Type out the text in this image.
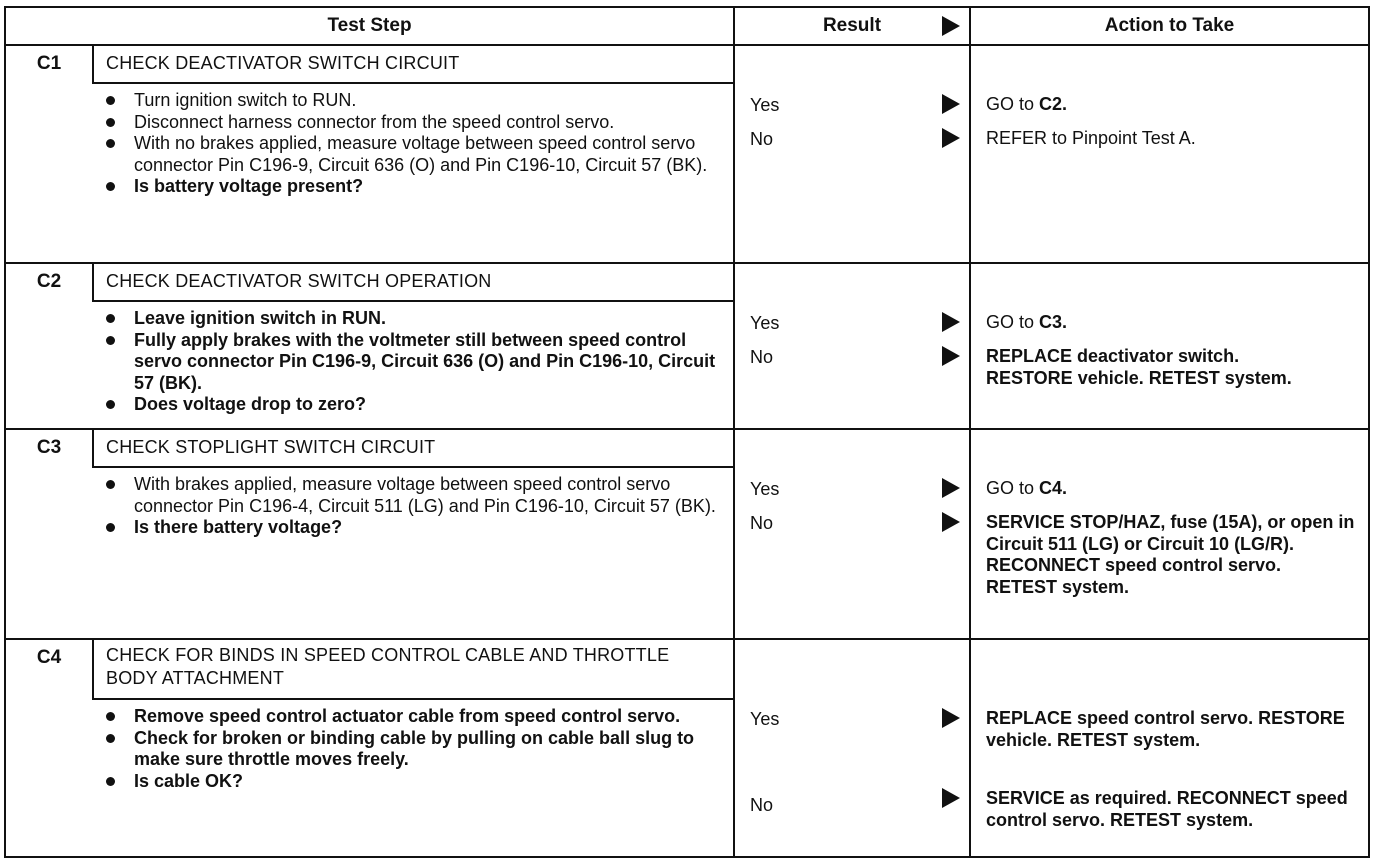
Test Step	Result	Action to Take
C1	CHECK DEACTIVATOR SWITCH CIRCUIT
Turn ignition switch to RUN.
Disconnect harness connector from the speed control servo.
With no brakes applied, measure voltage between speed control servo connector Pin C196-9, Circuit 636 (O) and Pin C196-10, Circuit 57 (BK).
Is battery voltage present?
Yes	GO to C2.
No	REFER to Pinpoint Test A.
C2	CHECK DEACTIVATOR SWITCH OPERATION
Leave ignition switch in RUN.
Fully apply brakes with the voltmeter still between speed control servo connector Pin C196-9, Circuit 636 (O) and Pin C196-10, Circuit 57 (BK).
Does voltage drop to zero?
Yes	GO to C3.
No	REPLACE deactivator switch. RESTORE vehicle. RETEST system.
C3	CHECK STOPLIGHT SWITCH CIRCUIT
With brakes applied, measure voltage between speed control servo connector Pin C196-4, Circuit 511 (LG) and Pin C196-10, Circuit 57 (BK).
Is there battery voltage?
Yes	GO to C4.
No	SERVICE STOP/HAZ, fuse (15A), or open in Circuit 511 (LG) or Circuit 10 (LG/R). RECONNECT speed control servo. RETEST system.
C4	CHECK FOR BINDS IN SPEED CONTROL CABLE AND THROTTLE BODY ATTACHMENT
Remove speed control actuator cable from speed control servo.
Check for broken or binding cable by pulling on cable ball slug to make sure throttle moves freely.
Is cable OK?
Yes	REPLACE speed control servo. RESTORE vehicle. RETEST system.
No	SERVICE as required. RECONNECT speed control servo. RETEST system.
